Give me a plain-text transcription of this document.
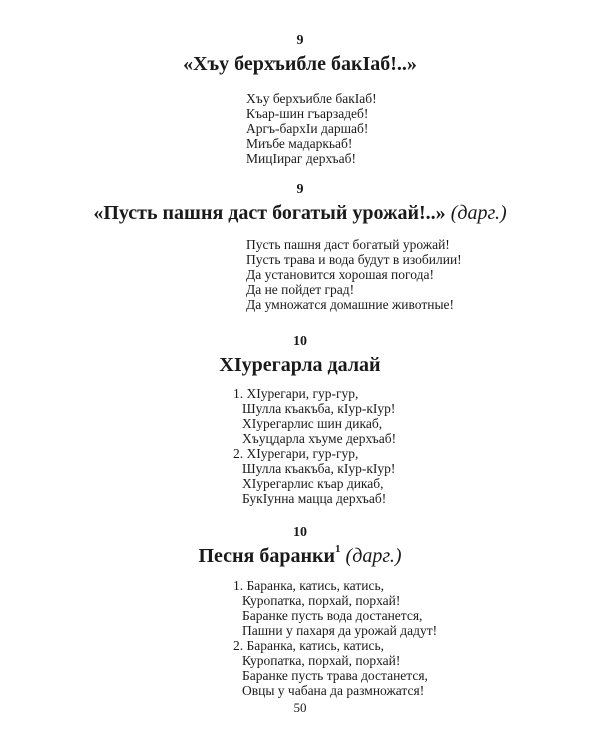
9
«Хъу берхъибле бакIаб!..»
Хъу берхъибле бакIаб!
Къар-шин гъарзадеб!
Аргъ-бархIи даршаб!
Миъбе мадаркьаб!
МицIираг дерхъаб!
9
«Пусть пашня даст богатый урожай!..» (дарг.)
Пусть пашня даст богатый урожай!
Пусть трава и вода будут в изобилии!
Да установится хорошая погода!
Да не пойдет град!
Да умножатся домашние животные!
10
ХIурегарла далай
1. ХIурегари, гур-гур,
Шулла къакъба, кIур-кIур!
ХIурегарлис шин дикаб,
Хъуцдарла хъуме дерхъаб!
2. ХIурегари, гур-гур,
Шулла къакъба, кIур-кIур!
ХIурегарлис къар дикаб,
БукIунна мацца дерхъаб!
10
Песня баранки$^1$ (дарг.)
1. Баранка, катись, катись,
Куропатка, порхай, порхай!
Баранке пусть вода достанется,
Пашни у пахаря да урожай дадут!
2. Баранка, катись, катись,
Куропатка, порхай, порхай!
Баранке пусть трава достанется,
Овцы у чабана да размножатся!
50
